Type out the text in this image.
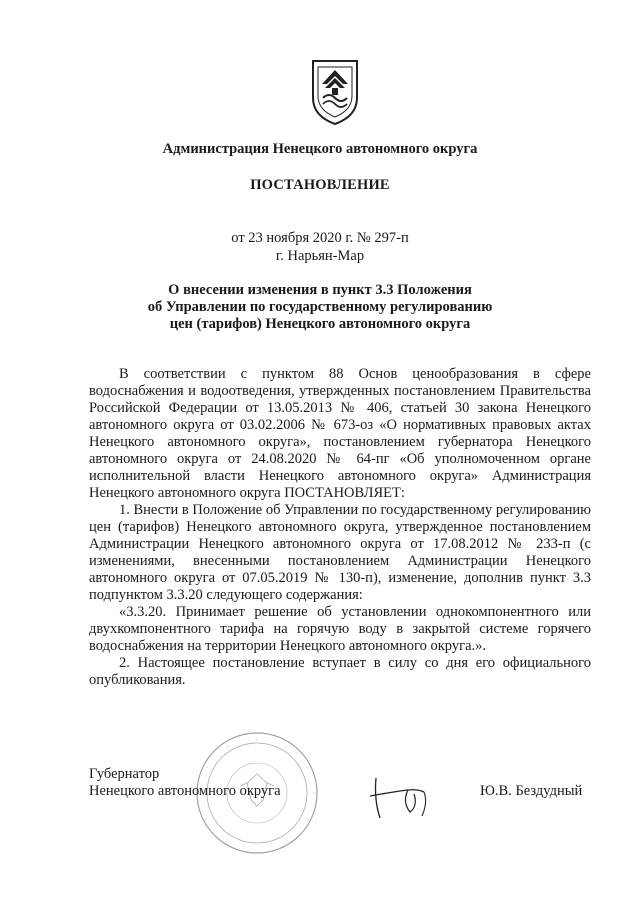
Администрация Ненецкого автономного округа
ПОСТАНОВЛЕНИЕ
от 23 ноября 2020 г. № 297-п
г. Нарьян-Мар
О внесении изменения в пункт 3.3 Положения
об Управлении по государственному регулированию
цен (тарифов) Ненецкого автономного округа

В соответствии с пунктом 88 Основ ценообразования в сфере водоснабжения и водоотведения, утвержденных постановлением Правительства Российской Федерации от 13.05.2013 № 406, статьей 30 закона Ненецкого автономного округа от 03.02.2006 № 673-оз «О нормативных правовых актах Ненецкого автономного округа», постановлением губернатора Ненецкого автономного округа от 24.08.2020 № 64-пг «Об уполномоченном органе исполнительной власти Ненецкого автономного округа» Администрация Ненецкого автономного округа ПОСТАНОВЛЯЕТ:

1. Внести в Положение об Управлении по государственному регулированию цен (тарифов) Ненецкого автономного округа, утвержденное постановлением Администрации Ненецкого автономного округа от 17.08.2012 № 233-п (с изменениями, внесенными постановлением Администрации Ненецкого автономного округа от 07.05.2019 № 130-п), изменение, дополнив пункт 3.3 подпунктом 3.3.20 следующего содержания:

«3.3.20. Принимает решение об установлении однокомпонентного или двухкомпонентного тарифа на горячую воду в закрытой системе горячего водоснабжения на территории Ненецкого автономного округа.».

2. Настоящее постановление вступает в силу со дня его официального опубликования.

Губернатор
Ненецкого автономного округа	Ю.В. Бездудный
